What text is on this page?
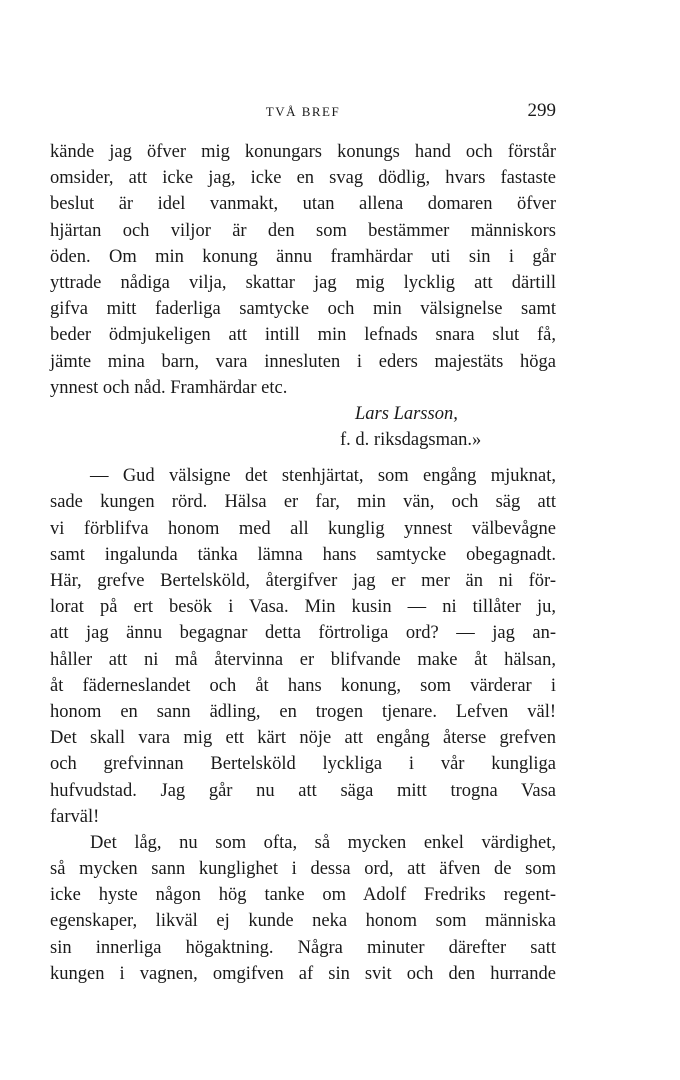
TVÅ BREF	299
kände jag öfver mig konungars konungs hand och förstår
omsider, att icke jag, icke en svag dödlig, hvars fastaste
beslut är idel vanmakt, utan allena domaren öfver
hjärtan och viljor är den som bestämmer människors
öden. Om min konung ännu framhärdar uti sin i går
yttrade nådiga vilja, skattar jag mig lycklig att därtill
gifva mitt faderliga samtycke och min välsignelse samt
beder ödmjukeligen att intill min lefnads snara slut få,
jämte mina barn, vara innesluten i eders majestäts höga
ynnest och nåd. Framhärdar etc.
Lars Larsson,
f. d. riksdagsman.»
— Gud välsigne det stenhjärtat, som engång mjuknat,
sade kungen rörd. Hälsa er far, min vän, och säg att
vi förblifva honom med all kunglig ynnest välbevågne
samt ingalunda tänka lämna hans samtycke obegagnadt.
Här, grefve Bertelsköld, återgifver jag er mer än ni för-
lorat på ert besök i Vasa. Min kusin — ni tillåter ju,
att jag ännu begagnar detta förtroliga ord? — jag an-
håller att ni må återvinna er blifvande make åt hälsan,
åt fäderneslandet och åt hans konung, som värderar i
honom en sann ädling, en trogen tjenare. Lefven väl!
Det skall vara mig ett kärt nöje att engång återse grefven
och grefvinnan Bertelsköld lyckliga i vår kungliga
hufvudstad. Jag går nu att säga mitt trogna Vasa
farväl!
Det låg, nu som ofta, så mycken enkel värdighet,
så mycken sann kunglighet i dessa ord, att äfven de som
icke hyste någon hög tanke om Adolf Fredriks regent-
egenskaper, likväl ej kunde neka honom som människa
sin innerliga högaktning. Några minuter därefter satt
kungen i vagnen, omgifven af sin svit och den hurrande
